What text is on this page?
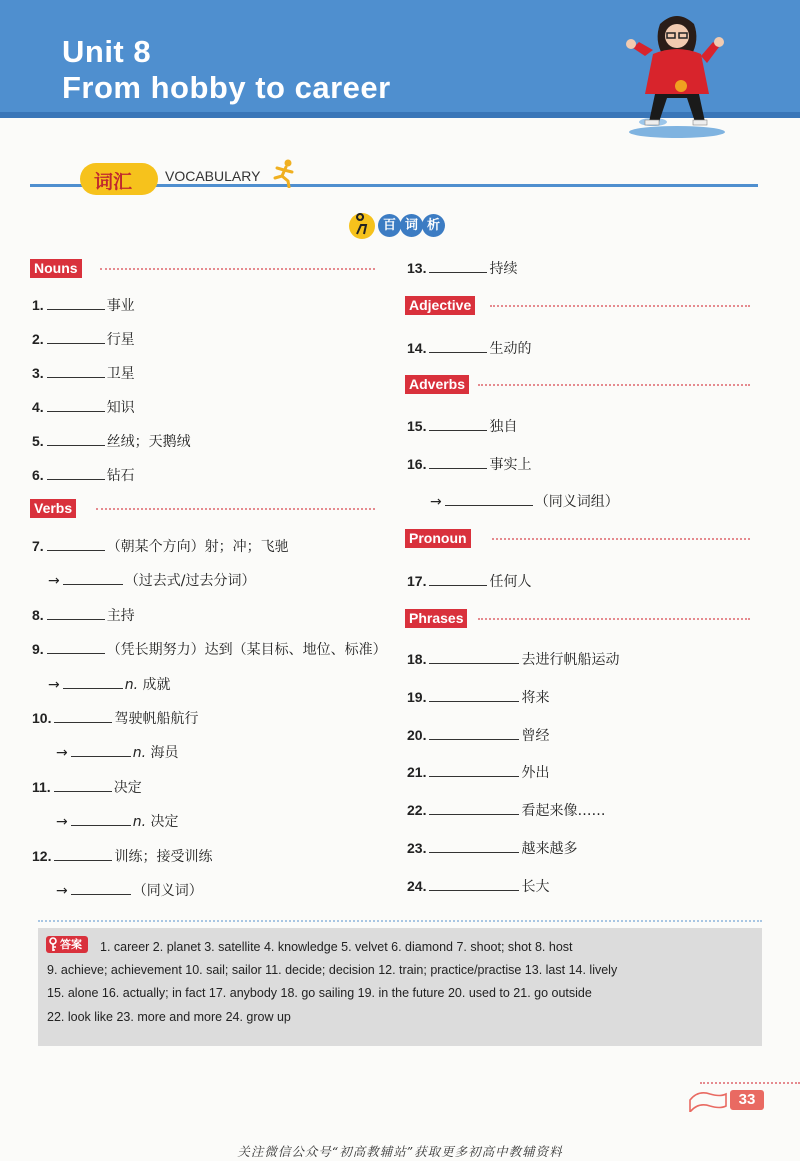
Unit 8
From hobby to career
词汇 VOCABULARY
百 词 析
Nouns
1.	事业
2.	行星
3.	卫星
4.	知识
5.	丝绒；天鹅绒
6.	钻石
Verbs
7.	（朝某个方向）射；冲；飞驰
→	（过去式/过去分词）
8.	主持
9.	（凭长期努力）达到（某目标、地位、标准）
→	n. 成就
10.	驾驶帆船航行
→	n. 海员
11.	决定
→	n. 决定
12.	训练；接受训练
→	（同义词）
13.	持续
Adjective
14.	生动的
Adverbs
15.	独自
16.	事实上
→	（同义词组）
Pronoun
17.	任何人
Phrases
18.	去进行帆船运动
19.	将来
20.	曾经
21.	外出
22.	看起来像……
23.	越来越多
24.	长大
答案	1. career 2. planet 3. satellite 4. knowledge 5. velvet 6. diamond 7. shoot; shot 8. host
9. achieve; achievement 10. sail; sailor 11. decide; decision 12. train; practice/practise 13. last 14. lively
15. alone 16. actually; in fact 17. anybody 18. go sailing 19. in the future 20. used to 21. go outside
22. look like 23. more and more 24. grow up
33
关注微信公众号“初高教辅站”获取更多初高中教辅资料
